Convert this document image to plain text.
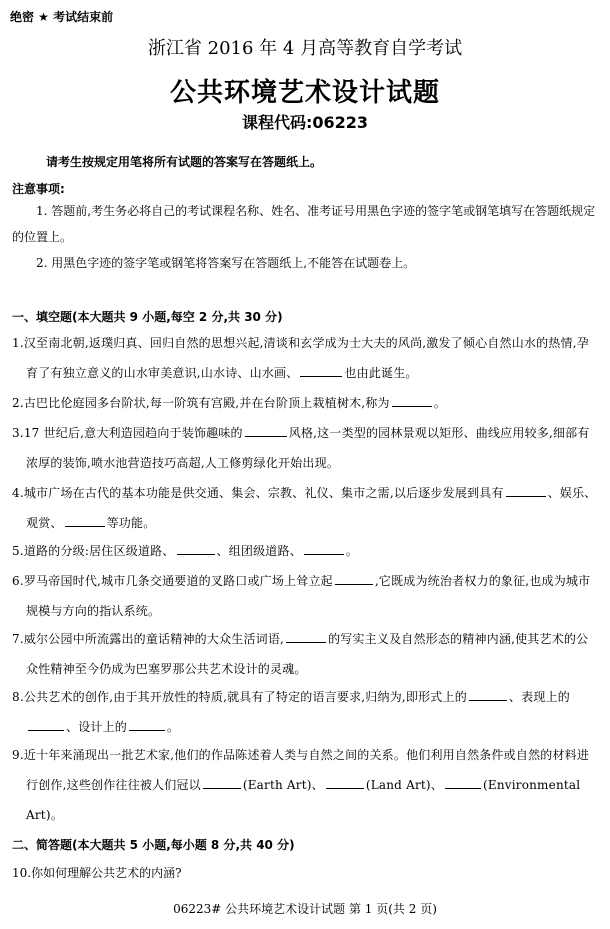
绝密 ★ 考试结束前
浙江省 2016 年 4 月高等教育自学考试
公共环境艺术设计试题
课程代码:06223
请考生按规定用笔将所有试题的答案写在答题纸上。
注意事项:
1. 答题前,考生务必将自己的考试课程名称、姓名、准考证号用黑色字迹的签字笔或钢笔填写在答题纸规定的位置上。
2. 用黑色字迹的签字笔或钢笔将答案写在答题纸上,不能答在试题卷上。
一、填空题(本大题共 9 小题,每空 2 分,共 30 分)
1.汉至南北朝,返璞归真、回归自然的思想兴起,清谈和玄学成为士大夫的风尚,激发了倾心自然山水的热情,孕育了有独立意义的山水审美意识,山水诗、山水画、	也由此诞生。
2.古巴比伦庭园多台阶状,每一阶筑有宫殿,并在台阶顶上栽植树木,称为	。
3.17 世纪后,意大利造园趋向于装饰趣味的	风格,这一类型的园林景观以矩形、曲线应用较多,细部有浓厚的装饰,喷水池营造技巧高超,人工修剪绿化开始出现。
4.城市广场在古代的基本功能是供交通、集会、宗教、礼仪、集市之需,以后逐步发展到具有	、娱乐、观赏、	等功能。
5.道路的分级:居住区级道路、	、组团级道路、	。
6.罗马帝国时代,城市几条交通要道的叉路口或广场上耸立起	,它既成为统治者权力的象征,也成为城市规模与方向的指认系统。
7.威尔公园中所流露出的童话精神的大众生活词语,	的写实主义及自然形态的精神内涵,使其艺术的公众性精神至今仍成为巴塞罗那公共艺术设计的灵魂。
8.公共艺术的创作,由于其开放性的特质,就具有了特定的语言要求,归纳为,即形式上的	、表现上的、设计上的	。
9.近十年来涌现出一批艺术家,他们的作品陈述着人类与自然之间的关系。他们利用自然条件或自然的材料进行创作,这些创作往往被人们冠以	(Earth Art)、	(Land Art)、	(Environmental Art)。
二、简答题(本大题共 5 小题,每小题 8 分,共 40 分)
10.你如何理解公共艺术的内涵?
06223# 公共环境艺术设计试题 第 1 页(共 2 页)
